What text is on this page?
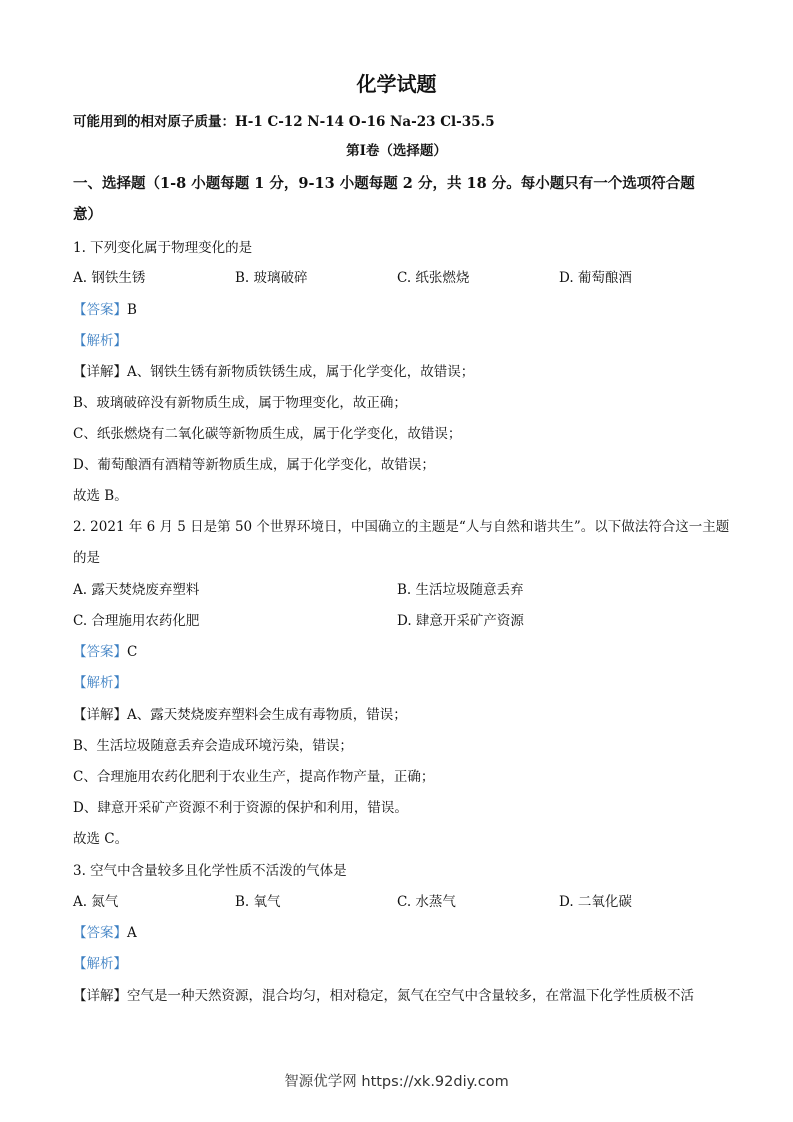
化学试题
可能用到的相对原子质量：H-1 C-12 N-14 O-16 Na-23 Cl-35.5
第Ⅰ卷（选择题）
一、选择题（1-8 小题每题 1 分，9-13 小题每题 2 分，共 18 分。每小题只有一个选项符合题
意）
1. 下列变化属于物理变化的是
A. 钢铁生锈	B. 玻璃破碎	C. 纸张燃烧	D. 葡萄酿酒
【答案】B
【解析】
【详解】A、钢铁生锈有新物质铁锈生成，属于化学变化，故错误；
B、玻璃破碎没有新物质生成，属于物理变化，故正确；
C、纸张燃烧有二氧化碳等新物质生成，属于化学变化，故错误；
D、葡萄酿酒有酒精等新物质生成，属于化学变化，故错误；
故选 B。
2. 2021 年 6 月 5 日是第 50 个世界环境日，中国确立的主题是“人与自然和谐共生”。以下做法符合这一主题
的是
A. 露天焚烧废弃塑料	B. 生活垃圾随意丢弃
C. 合理施用农药化肥	D. 肆意开采矿产资源
【答案】C
【解析】
【详解】A、露天焚烧废弃塑料会生成有毒物质，错误；
B、生活垃圾随意丢弃会造成环境污染，错误；
C、合理施用农药化肥利于农业生产，提高作物产量，正确；
D、肆意开采矿产资源不利于资源的保护和利用，错误。
故选 C。
3. 空气中含量较多且化学性质不活泼的气体是
A. 氮气	B. 氧气	C. 水蒸气	D. 二氧化碳
【答案】A
【解析】
【详解】空气是一种天然资源，混合均匀，相对稳定，氮气在空气中含量较多，在常温下化学性质极不活
智源优学网 https://xk.92diy.com
